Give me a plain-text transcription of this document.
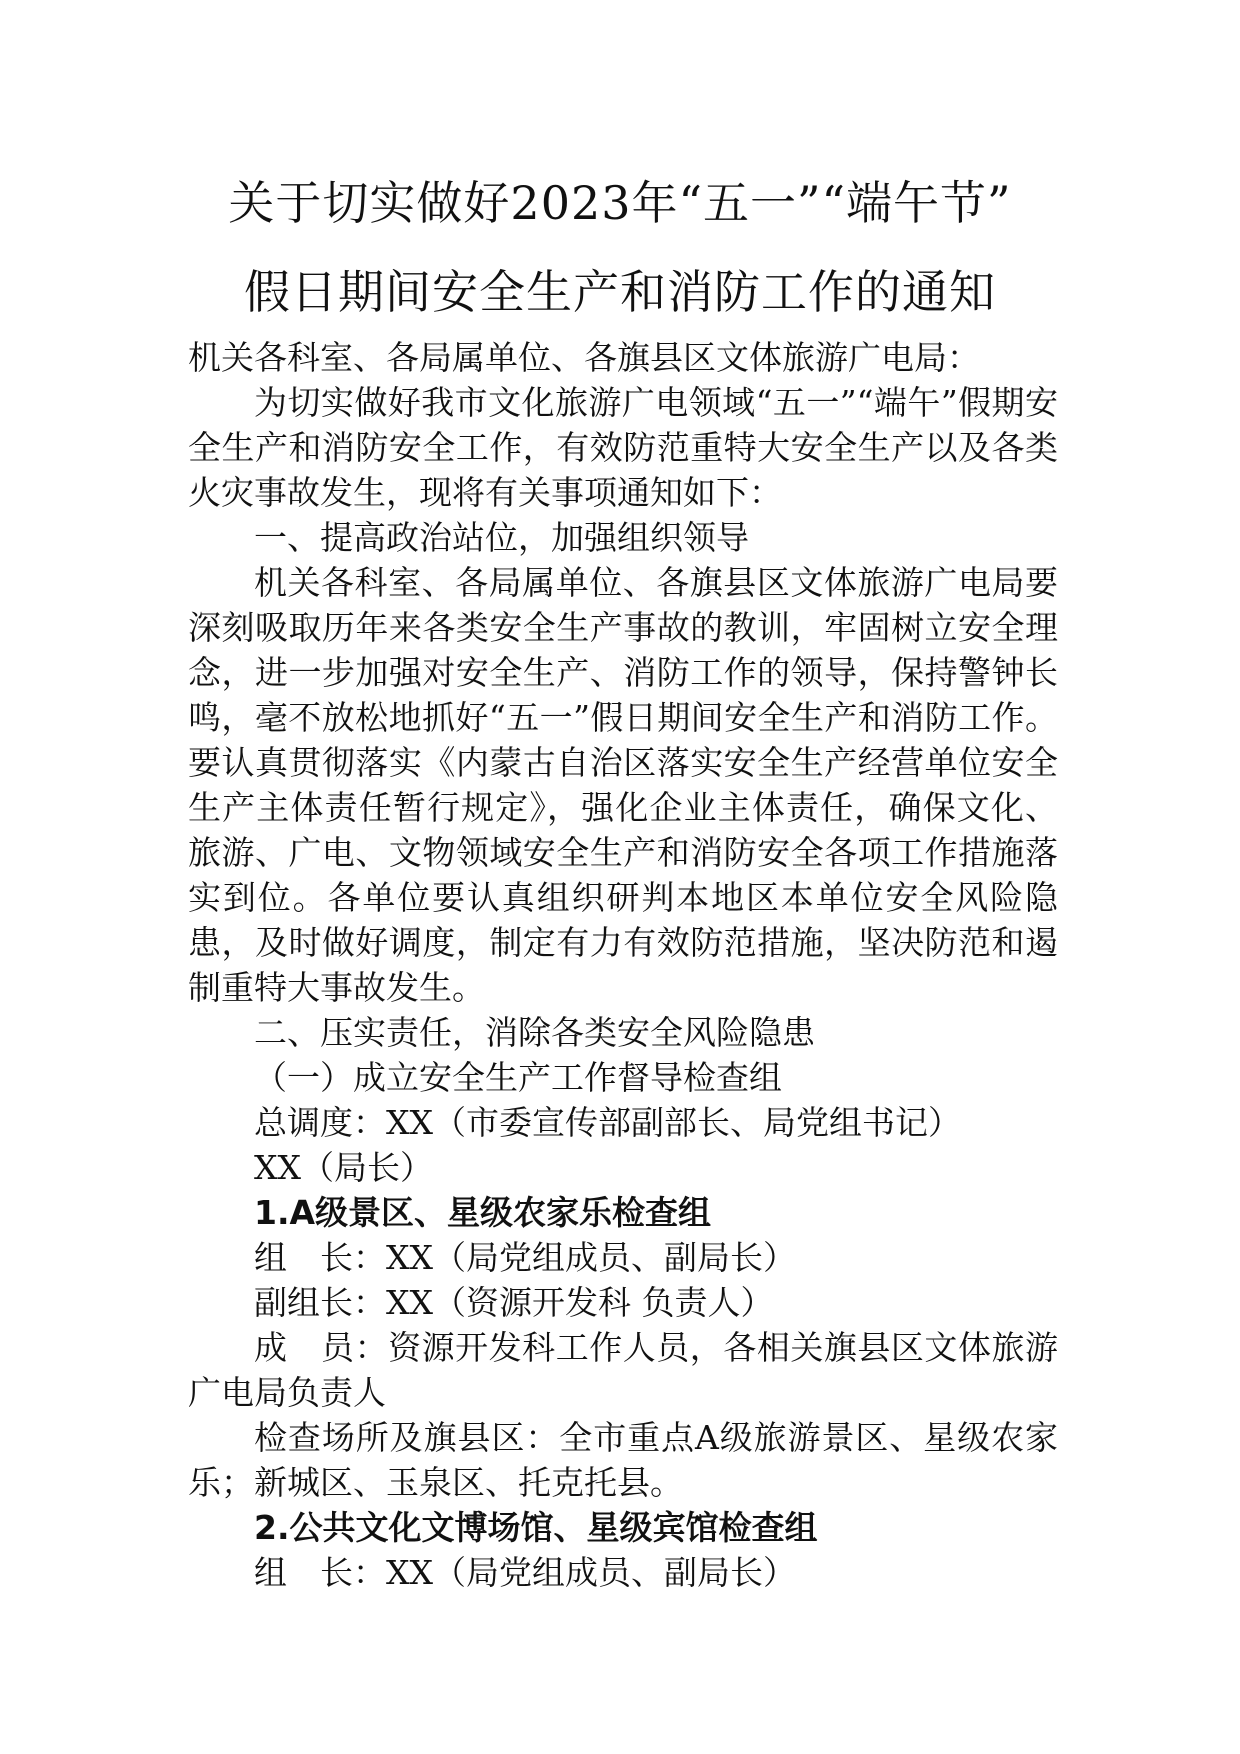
关于切实做好2023年“五一”“端午节”
假日期间安全生产和消防工作的通知

机关各科室、各局属单位、各旗县区文体旅游广电局：

为切实做好我市文化旅游广电领域“五一”“端午”假期安全生产和消防安全工作，有效防范重特大安全生产以及各类火灾事故发生，现将有关事项通知如下：

一、提高政治站位，加强组织领导

机关各科室、各局属单位、各旗县区文体旅游广电局要深刻吸取历年来各类安全生产事故的教训，牢固树立安全理念，进一步加强对安全生产、消防工作的领导，保持警钟长鸣，毫不放松地抓好“五一”假日期间安全生产和消防工作。要认真贯彻落实《内蒙古自治区落实安全生产经营单位安全生产主体责任暂行规定》，强化企业主体责任，确保文化、旅游、广电、文物领域安全生产和消防安全各项工作措施落实到位。各单位要认真组织研判本地区本单位安全风险隐患，及时做好调度，制定有力有效防范措施，坚决防范和遏制重特大事故发生。

二、压实责任，消除各类安全风险隐患

（一）成立安全生产工作督导检查组

总调度：XX（市委宣传部副部长、局党组书记）

XX（局长）

1.A级景区、星级农家乐检查组

组　长：XX（局党组成员、副局长）

副组长：XX（资源开发科 负责人）

成　员：资源开发科工作人员，各相关旗县区文体旅游广电局负责人

检查场所及旗县区：全市重点A级旅游景区、星级农家乐；新城区、玉泉区、托克托县。

2.公共文化文博场馆、星级宾馆检查组

组　长：XX（局党组成员、副局长）
